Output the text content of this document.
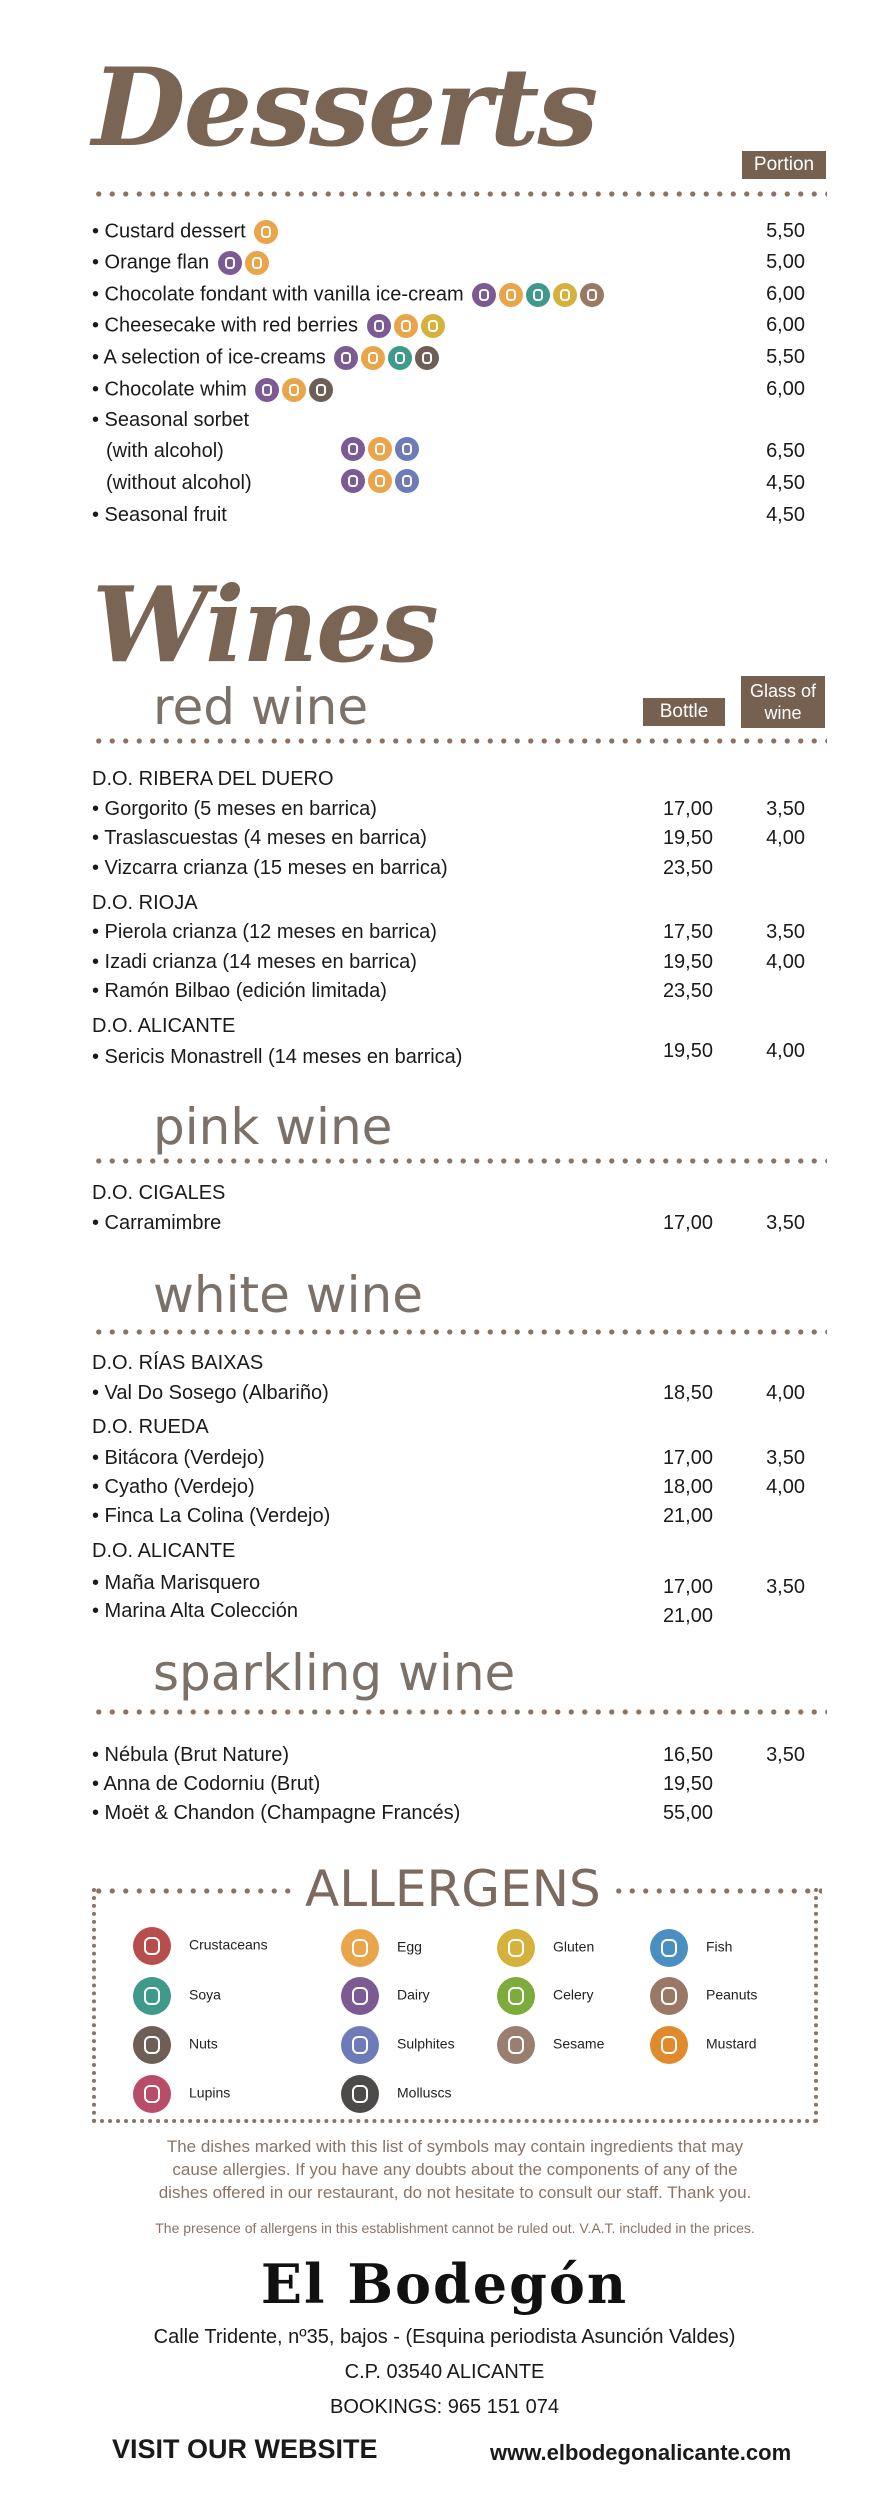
Desserts	Portion
• Custard dessert	5,50
• Orange flan	5,00
• Chocolate fondant with vanilla ice-cream	6,00
• Cheesecake with red berries	6,00
• A selection of ice-creams	5,50
• Chocolate whim	6,00
• Seasonal sorbet
(with alcohol)	6,50
(without alcohol)	4,50
• Seasonal fruit	4,50
Wines
red wine	Bottle
Glass of
wine
D.O. RIBERA DEL DUERO
• Gorgorito (5 meses en barrica)	17,00	3,50
• Traslascuestas (4 meses en barrica)	19,50	4,00
• Vizcarra crianza (15 meses en barrica)	23,50
D.O. RIOJA
• Pierola crianza (12 meses en barrica)	17,50	3,50
• Izadi crianza (14 meses en barrica)	19,50	4,00
• Ramón Bilbao (edición limitada)	23,50
D.O. ALICANTE
• Sericis Monastrell (14 meses en barrica)	19,50	4,00
pink wine
D.O. CIGALES
• Carramimbre	17,00	3,50
white wine
D.O. RÍAS BAIXAS
• Val Do Sosego (Albariño)	18,50	4,00
D.O. RUEDA
• Bitácora (Verdejo)	17,00	3,50
• Cyatho (Verdejo)	18,00	4,00
• Finca La Colina (Verdejo)	21,00
D.O. ALICANTE
• Maña Marisquero	17,00	3,50
• Marina Alta Colección	21,00
sparkling wine
• Nébula (Brut Nature)	16,50	3,50
• Anna de Codorniu (Brut)	19,50
• Moët & Chandon (Champagne Francés)	55,00
ALLERGENS
Crustaceans	Egg	Gluten	Fish
Soya	Dairy	Celery	Peanuts
Nuts	Sulphites	Sesame	Mustard
Lupins	Molluscs
The dishes marked with this list of symbols may contain ingredients that may
cause allergies. If you have any doubts about the components of any of the
dishes offered in our restaurant, do not hesitate to consult our staff. Thank you.
The presence of allergens in this establishment cannot be ruled out. V.A.T. included in the prices.
El Bodegón
Calle Tridente, nº35, bajos - (Esquina periodista Asunción Valdes)
C.P. 03540 ALICANTE
BOOKINGS: 965 151 074
VISIT OUR WEBSITE	www.elbodegonalicante.com
